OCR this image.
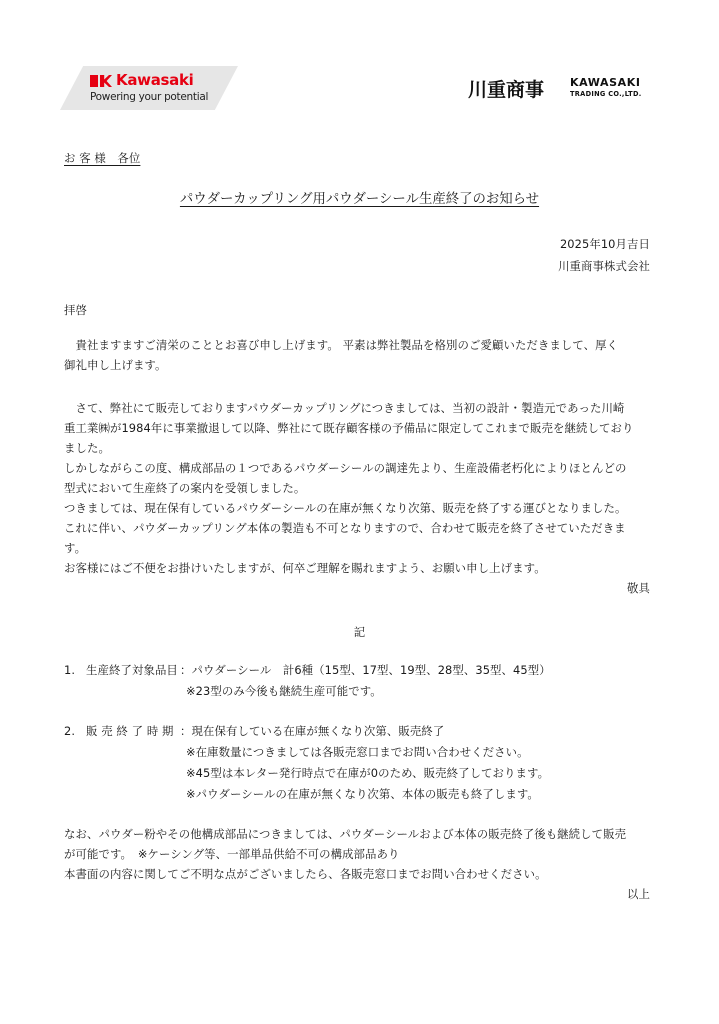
Kawasaki
Powering your potential	川重商事 KAWASAKI
TRADING CO.,LTD.
お 客 様　各位
パウダーカップリング用パウダーシール生産終了のお知らせ
2025年10月吉日
川重商事株式会社
拝啓
　貴社ますますご清栄のこととお喜び申し上げます。 平素は弊社製品を格別のご愛顧いただきまして、厚く
御礼申し上げます。
　さて、弊社にて販売しておりますパウダーカップリングにつきましては、当初の設計・製造元であった川崎
重工業㈱が1984年に事業撤退して以降、弊社にて既存顧客様の予備品に限定してこれまで販売を継続しており
ました。
しかしながらこの度、構成部品の１つであるパウダーシールの調達先より、生産設備老朽化によりほとんどの
型式において生産終了の案内を受領しました。
つきましては、現在保有しているパウダーシールの在庫が無くなり次第、販売を終了する運びとなりました。
これに伴い、パウダーカップリング本体の製造も不可となりますので、合わせて販売を終了させていただきま
す。
お客様にはご不便をお掛けいたしますが、何卒ご理解を賜れますよう、お願い申し上げます。
敬具
記
1. 生産終了対象品目 ：パウダーシール　計6種（15型、17型、19型、28型、35型、45型）
※23型のみ今後も継続生産可能です。
2. 販 売 終 了 時 期 ：現在保有している在庫が無くなり次第、販売終了
※在庫数量につきましては各販売窓口までお問い合わせください。
※45型は本レター発行時点で在庫が0のため、販売終了しております。
※パウダーシールの在庫が無くなり次第、本体の販売も終了します。
なお、パウダー粉やその他構成部品につきましては、パウダーシールおよび本体の販売終了後も継続して販売
が可能です。　※ケーシング等、一部単品供給不可の構成部品あり
本書面の内容に関してご不明な点がございましたら、各販売窓口までお問い合わせください。
以上
